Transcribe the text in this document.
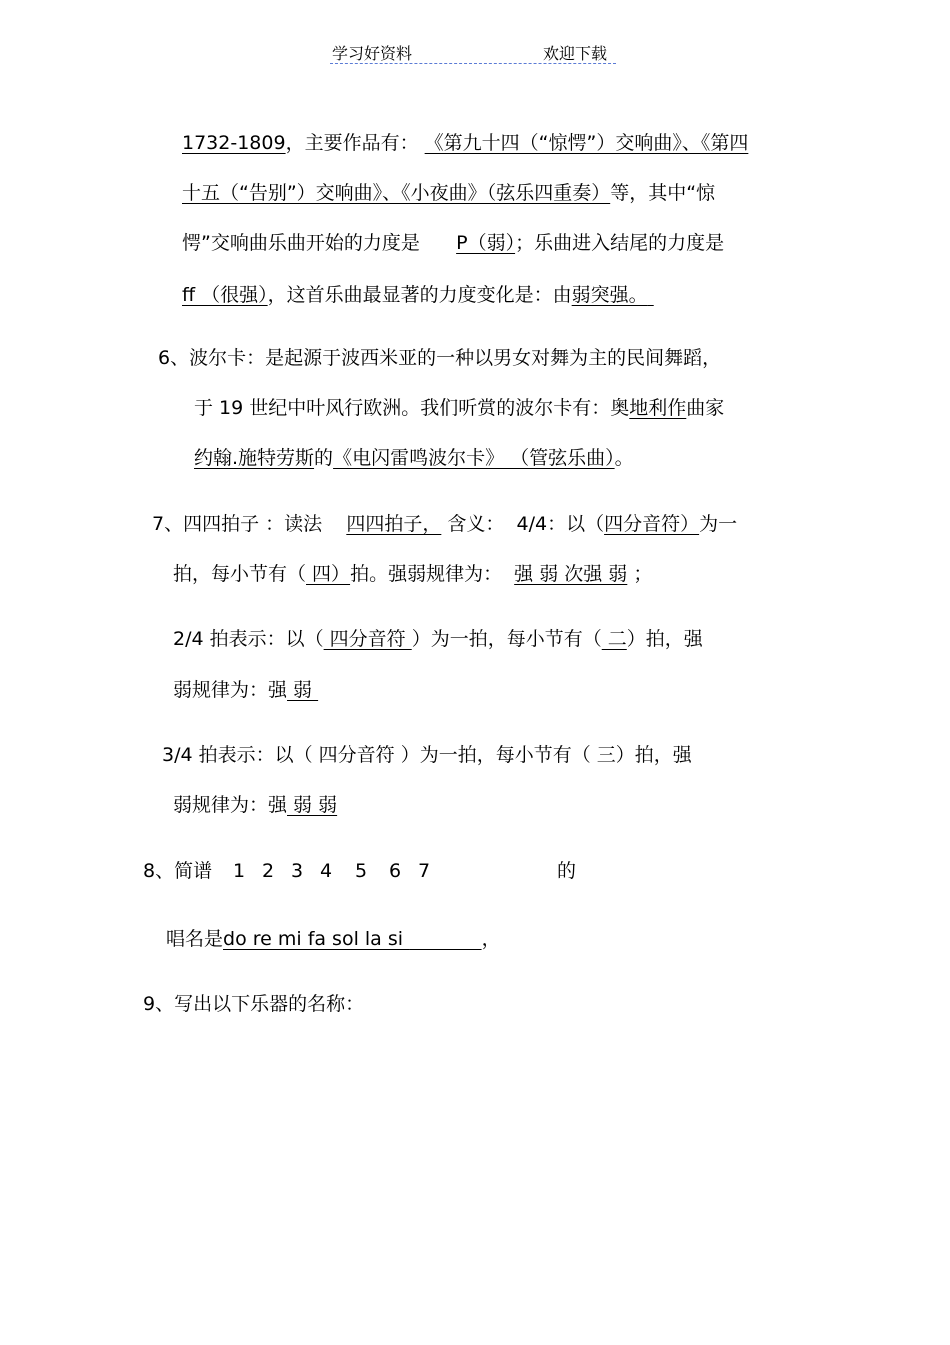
学习好资料	欢迎下载
1732-1809，主要作品有： 《第九十四（“惊愕”）交响曲》、《第四
十五（“告别”）交响曲》、《小夜曲》（弦乐四重奏）等，其中“惊
愕”交响曲乐曲开始的力度是 P（弱）；乐曲进入结尾的力度是
ff （很强），这首乐曲最显著的力度变化是：由弱突强。
6、波尔卡：是起源于波西米亚的一种以男女对舞为主的民间舞蹈，
于 19 世纪中叶风行欧洲。我们听赏的波尔卡有：奥地利作曲家
约翰.施特劳斯的《电闪雷鸣波尔卡》 （管弦乐曲）。
7、四四拍子 ：读法 四四拍子， 含义： 4/4：以（四分音符）为一
拍，每小节有（ 四）拍。强弱规律为： 强 弱 次强 弱 ；
2/4 拍表示：以（ 四分音符 ）为一拍，每小节有（ 二）拍，强
弱规律为：强 弱
3/4 拍表示：以（ 四分音符 ）为一拍，每小节有（ 三）拍，强
弱规律为：强 弱 弱
8、简谱 1 2 3 4 5 6 7	的
唱名是do re mi fa sol la si	，
9、写出以下乐器的名称：
